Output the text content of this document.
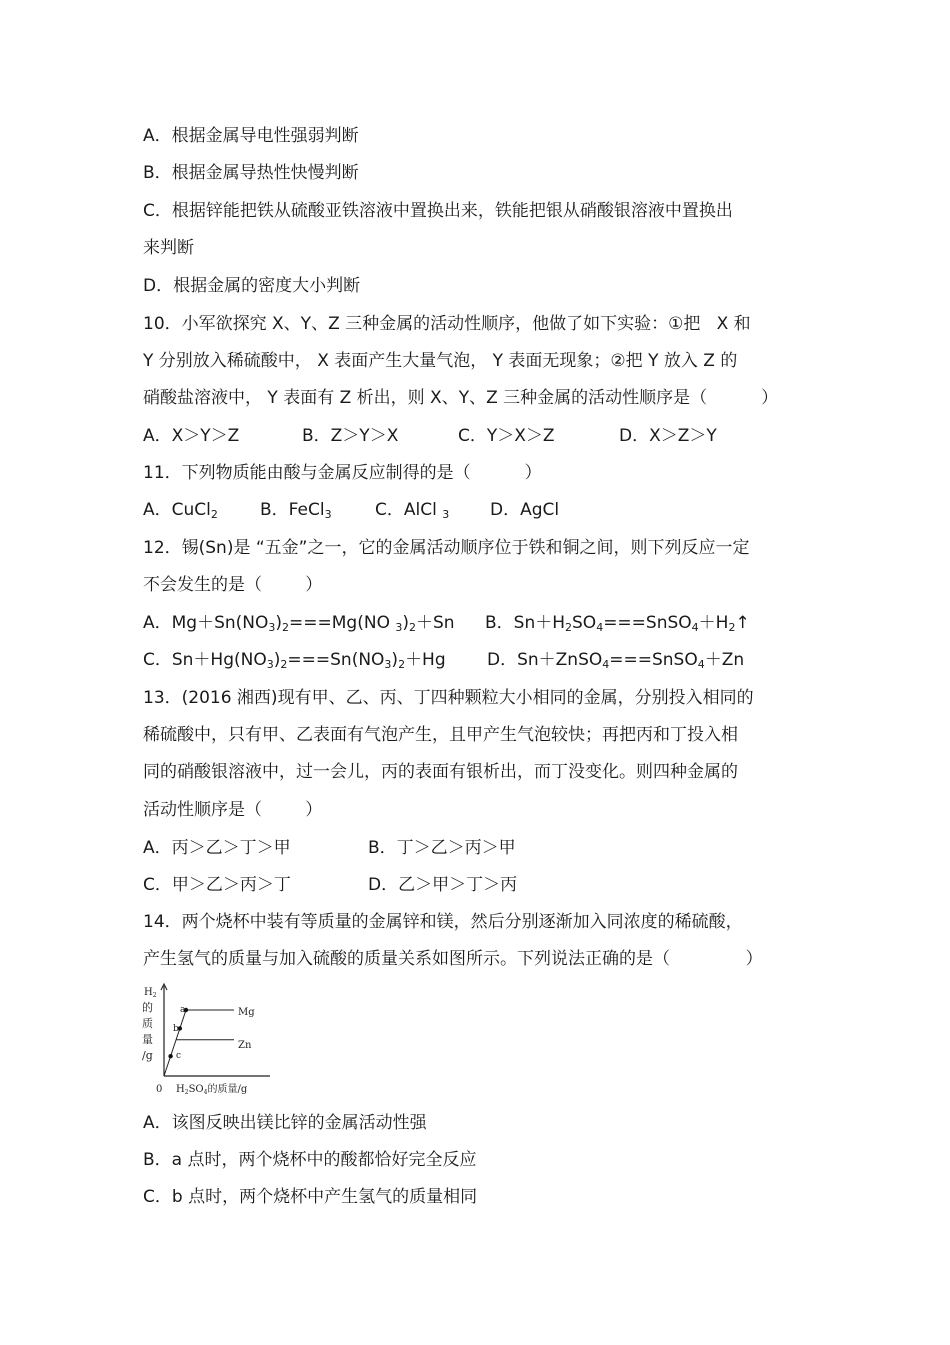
A．根据金属导电性强弱判断
B．根据金属导热性快慢判断
C．根据锌能把铁从硫酸亚铁溶液中置换出来，铁能把银从硝酸银溶液中置换出
来判断
D．根据金属的密度大小判断
10．小军欲探究 X、Y、Z 三种金属的活动性顺序，他做了如下实验：①把   X 和
Y 分别放入稀硫酸中， X 表面产生大量气泡， Y 表面无现象；②把 Y 放入 Z 的
硝酸盐溶液中， Y 表面有 Z 析出，则 X、Y、Z 三种金属的活动性顺序是（          ）
A．X＞Y＞Z	B．Z＞Y＞X	C．Y＞X＞Z	D．X＞Z＞Y
11．下列物质能由酸与金属反应制得的是（          ）
A．CuCl$_2$ B．FeCl$_3$	C．AlCl $_3$ D．AgCl
12．锡(Sn)是 “五金”之一，它的金属活动顺序位于铁和铜之间，则下列反应一定
不会发生的是（        ）
A．$Mg+Sn(NO_3)_2===Mg(NO$ $_3)_2+Sn$ B．$Sn+H_2SO_4===SnSO_4+H_2↑$
C．$Sn+Hg(NO_3)_2===Sn(NO_3)_2+Hg$ D．Sn＋ZnSO$_4$===SnSO$_4$＋Zn
13．(2016 湘西)现有甲、乙、丙、丁四种颗粒大小相同的金属，分别投入相同的
稀硫酸中，只有甲、乙表面有气泡产生，且甲产生气泡较快；再把丙和丁投入相
同的硝酸银溶液中，过一会儿，丙的表面有银析出，而丁没变化。则四种金属的
活动性顺序是（        ）
A．丙＞乙＞丁＞甲	B．丁＞乙＞丙＞甲
C．甲＞乙＞丙＞丁	D．乙＞甲＞丁＞丙
14．两个烧杯中装有等质量的金属锌和镁，然后分别逐渐加入同浓度的稀硫酸，
产生氢气的质量与加入硫酸的质量关系如图所示。下列说法正确的是（              ）
$H_2$
的
质
量
/g
0 $H_2SO_4$的质量/g
a
b
c
Mg
Zn
A．该图反映出镁比锌的金属活动性强
B．a 点时，两个烧杯中的酸都恰好完全反应
C．b 点时，两个烧杯中产生氢气的质量相同
